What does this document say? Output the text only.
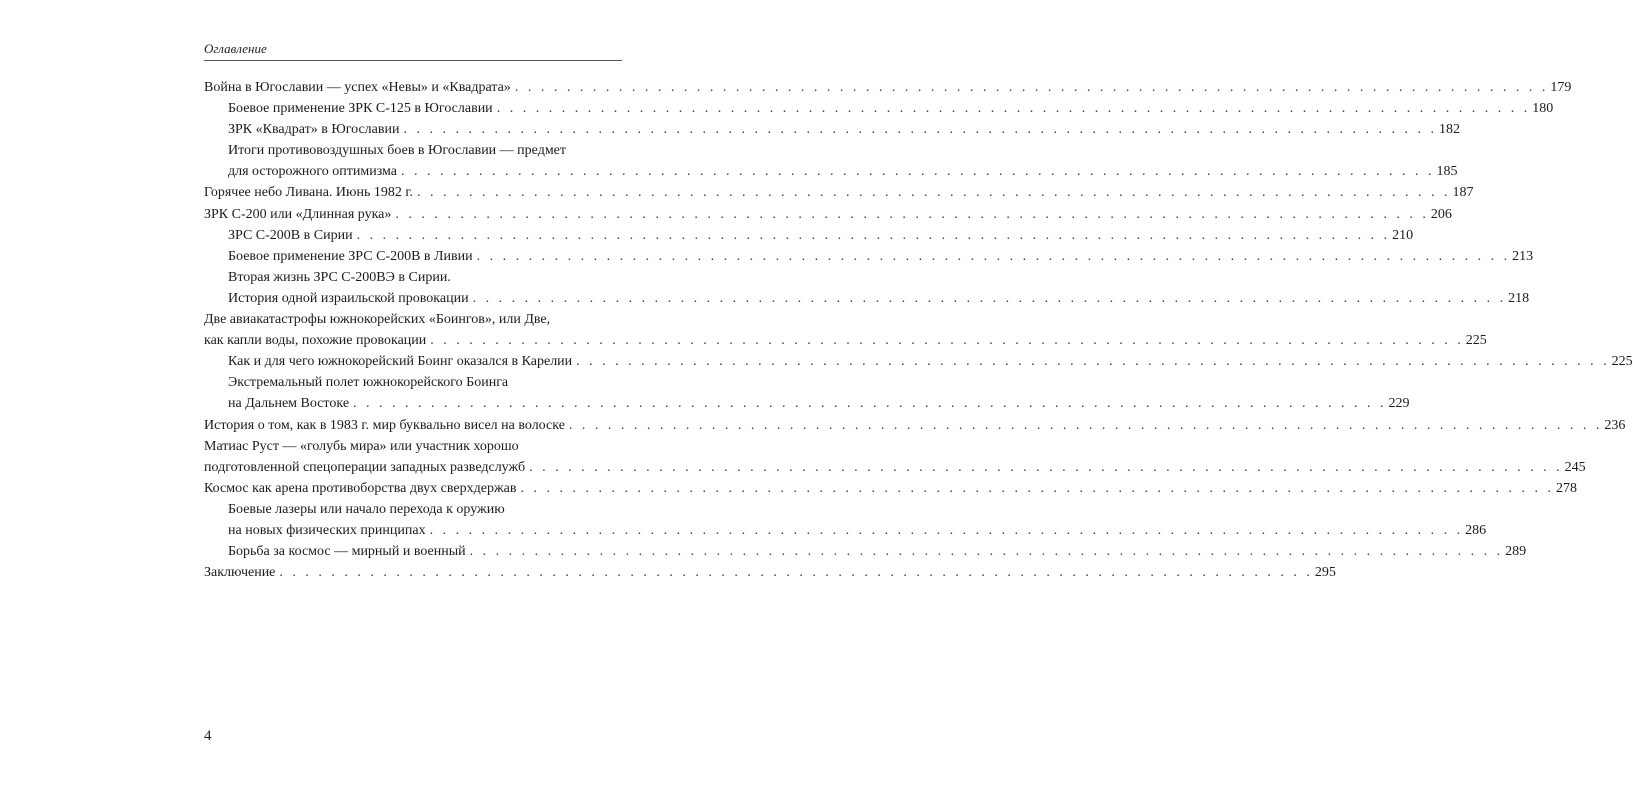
Оглавление
Война в Югославии — успех «Невы» и «Квадрата» . . . . . . . . . . . . . . . . . . . . . . . . . . . . . . . . . . . . . . . . . . . . . . . . . . . . . . . . . . . . . . . . . . . . . . . . . . . . . . . . 179
Боевое применение ЗРК С-125 в Югославии . . . . . . . . . . . . . . . . . . . . . . . . . . . . . . . . . . . . . . . . . . . . . . . . . . . . . . . . . . . . . . . . . . . . . . . . . . . . . . . . 180
ЗРК «Квадрат» в Югославии . . . . . . . . . . . . . . . . . . . . . . . . . . . . . . . . . . . . . . . . . . . . . . . . . . . . . . . . . . . . . . . . . . . . . . . . . . . . . . . . 182
Итоги противовоздушных боев в Югославии — предмет
для осторожного оптимизма . . . . . . . . . . . . . . . . . . . . . . . . . . . . . . . . . . . . . . . . . . . . . . . . . . . . . . . . . . . . . . . . . . . . . . . . . . . . . . . . 185
Горячее небо Ливана. Июнь 1982 г. . . . . . . . . . . . . . . . . . . . . . . . . . . . . . . . . . . . . . . . . . . . . . . . . . . . . . . . . . . . . . . . . . . . . . . . . . . . . . . . . 187
ЗРК С-200 или «Длинная рука» . . . . . . . . . . . . . . . . . . . . . . . . . . . . . . . . . . . . . . . . . . . . . . . . . . . . . . . . . . . . . . . . . . . . . . . . . . . . . . . . 206
ЗРС С-200В в Сирии . . . . . . . . . . . . . . . . . . . . . . . . . . . . . . . . . . . . . . . . . . . . . . . . . . . . . . . . . . . . . . . . . . . . . . . . . . . . . . . . 210
Боевое применение ЗРС С-200В в Ливии . . . . . . . . . . . . . . . . . . . . . . . . . . . . . . . . . . . . . . . . . . . . . . . . . . . . . . . . . . . . . . . . . . . . . . . . . . . . . . . . 213
Вторая жизнь ЗРС С-200ВЭ в Сирии.
История одной израильской провокации . . . . . . . . . . . . . . . . . . . . . . . . . . . . . . . . . . . . . . . . . . . . . . . . . . . . . . . . . . . . . . . . . . . . . . . . . . . . . . . . 218
Две авиакатастрофы южнокорейских «Боингов», или Две,
как капли воды, похожие провокации . . . . . . . . . . . . . . . . . . . . . . . . . . . . . . . . . . . . . . . . . . . . . . . . . . . . . . . . . . . . . . . . . . . . . . . . . . . . . . . . 225
Как и для чего южнокорейский Боинг оказался в Карелии . . . . . . . . . . . . . . . . . . . . . . . . . . . . . . . . . . . . . . . . . . . . . . . . . . . . . . . . . . . . . . . . . . . . . . . . . . . . . . . . 225
Экстремальный полет южнокорейского Боинга
на Дальнем Востоке . . . . . . . . . . . . . . . . . . . . . . . . . . . . . . . . . . . . . . . . . . . . . . . . . . . . . . . . . . . . . . . . . . . . . . . . . . . . . . . . 229
История о том, как в 1983 г. мир буквально висел на волоске . . . . . . . . . . . . . . . . . . . . . . . . . . . . . . . . . . . . . . . . . . . . . . . . . . . . . . . . . . . . . . . . . . . . . . . . . . . . . . . . 236
Матиас Руст — «голубь мира» или участник хорошо
подготовленной спецоперации западных разведслужб . . . . . . . . . . . . . . . . . . . . . . . . . . . . . . . . . . . . . . . . . . . . . . . . . . . . . . . . . . . . . . . . . . . . . . . . . . . . . . . . 245
Космос как арена противоборства двух сверхдержав . . . . . . . . . . . . . . . . . . . . . . . . . . . . . . . . . . . . . . . . . . . . . . . . . . . . . . . . . . . . . . . . . . . . . . . . . . . . . . . . 278
Боевые лазеры или начало перехода к оружию
на новых физических принципах . . . . . . . . . . . . . . . . . . . . . . . . . . . . . . . . . . . . . . . . . . . . . . . . . . . . . . . . . . . . . . . . . . . . . . . . . . . . . . . . 286
Борьба за космос — мирный и военный . . . . . . . . . . . . . . . . . . . . . . . . . . . . . . . . . . . . . . . . . . . . . . . . . . . . . . . . . . . . . . . . . . . . . . . . . . . . . . . . 289
Заключение . . . . . . . . . . . . . . . . . . . . . . . . . . . . . . . . . . . . . . . . . . . . . . . . . . . . . . . . . . . . . . . . . . . . . . . . . . . . . . . . 295
4
